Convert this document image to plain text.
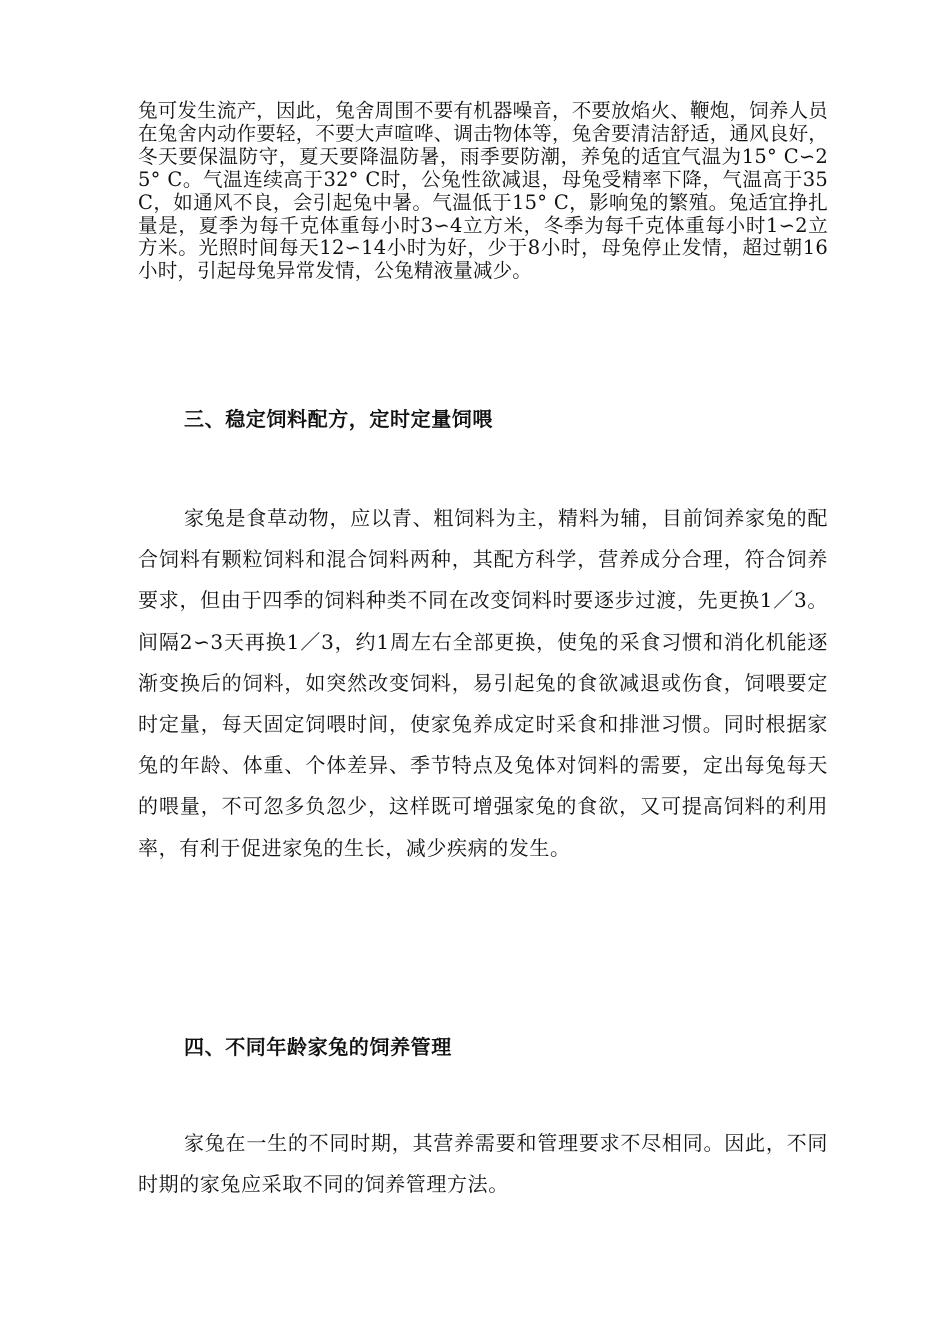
兔可发生流产，因此，兔舍周围不要有机器噪音，不要放焰火、鞭炮，饲养人员在兔舍内动作要轻，不要大声喧哗、调击物体等，兔舍要清洁舒适，通风良好，冬天要保温防守，夏天要降温防暑，雨季要防潮，养兔的适宜气温为15° C∽25° C。气温连续高于32° C时，公兔性欲减退，母兔受精率下降，气温高于35C，如通风不良，会引起兔中暑。气温低于15° C，影响兔的繁殖。兔适宜挣扎量是，夏季为每千克体重每小时3∽4立方米，冬季为每千克体重每小时1∽2立方米。光照时间每天12∽14小时为好，少于8小时，母兔停止发情，超过朝16小时，引起母兔异常发情，公兔精液量减少。

三、稳定饲料配方，定时定量饲喂

家兔是食草动物，应以青、粗饲料为主，精料为辅，目前饲养家兔的配合饲料有颗粒饲料和混合饲料两种，其配方科学，营养成分合理，符合饲养要求，但由于四季的饲料种类不同在改变饲料时要逐步过渡，先更换1／3。间隔2∽3天再换1／3，约1周左右全部更换，使兔的采食习惯和消化机能逐渐变换后的饲料，如突然改变饲料，易引起兔的食欲减退或伤食，饲喂要定时定量，每天固定饲喂时间，使家兔养成定时采食和排泄习惯。同时根据家兔的年龄、体重、个体差异、季节特点及兔体对饲料的需要，定出每兔每天的喂量，不可忽多负忽少，这样既可增强家兔的食欲，又可提高饲料的利用率，有利于促进家兔的生长，减少疾病的发生。

四、不同年龄家兔的饲养管理

家兔在一生的不同时期，其营养需要和管理要求不尽相同。因此，不同时期的家兔应采取不同的饲养管理方法。
